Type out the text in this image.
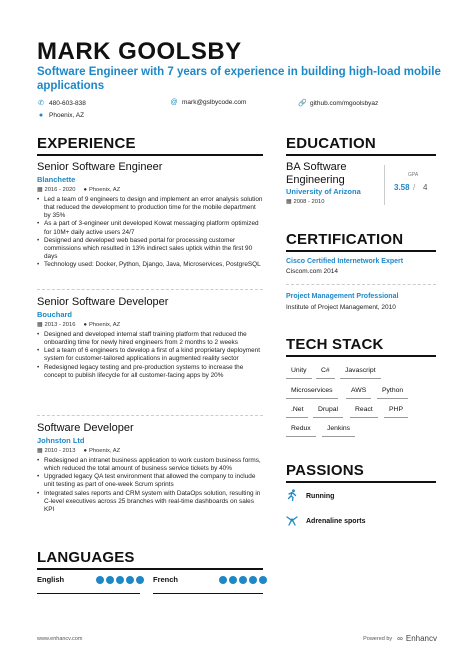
MARK GOOLSBY
Software Engineer with 7 years of experience in building high-load mobile applications
✆ 480-603-838	@ mark@gslbycode.com	🔗 github.com/mgoolsbyaz
● Phoenix, AZ
EXPERIENCE
Senior Software Engineer
Blanchette
▦ 2016 - 2020 ● Phoenix, AZ
• Led a team of 9 engineers to design and implement an error analysis solution that reduced the development to production time for the mobile department by 35%
• As a part of 3-engineer unit developed Kowat messaging platform optimized for 10M+ daily active users 24/7
• Designed and developed web based portal for processing customer commissions which resulted in 13% indirect sales uptick within the first 90 days
• Technology used: Docker, Python, Django, Java, Microservices, PostgreSQL
Senior Software Developer
Bouchard
▦ 2013 - 2016 ● Phoenix, AZ
• Designed and developed internal staff training platform that reduced the onboarding time for newly hired engineers from 2 months to 2 weeks
• Led a team of 6 engineers to develop a first of a kind proprietary deployment system for customer-tailored applications in augmented reality sector
• Redesigned legacy testing and pre-production systems to increase the concept to publish lifecycle for all customer-facing apps by 20%
Software Developer
Johnston Ltd
▦ 2010 - 2013 ● Phoenix, AZ
• Redesigned an intranet business application to work custom business forms, which reduced the total amount of business service tickets by 40%
• Upgraded legacy QA test environment that allowed the company to include unit testing as part of one-week Scrum sprints
• Integrated sales reports and CRM system with DataOps solution, resulting in C-level executives across 25 branches with real-time dashboards on sales KPI
EDUCATION
BA Software Engineering
University of Arizona
▦ 2008 - 2010
GPA
3.58 / 4
CERTIFICATION
Cisco Certified Internetwork Expert
Ciscom.com 2014
Project Management Professional
Institute of Project Management, 2010
TECH STACK
Unity	C#	Javascript
Microservices	AWS	Python
.Net	Drupal	React	PHP
Redux	Jenkins
PASSIONS
Running
Adrenaline sports
LANGUAGES
English	French
www.enhancv.com	Powered by ∞ Enhancv
